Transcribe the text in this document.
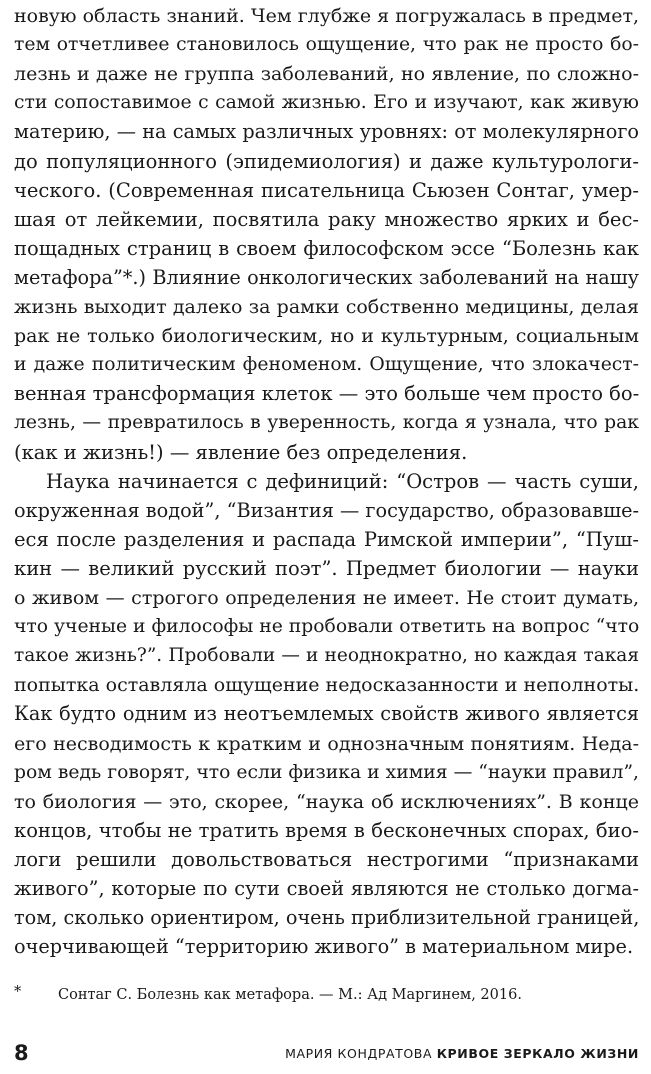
новую область знаний. Чем глубже я погружалась в предмет,
тем отчетливее становилось ощущение, что рак не просто бо-
лезнь и даже не группа заболеваний, но явление, по сложно-
сти сопоставимое с самой жизнью. Его и изучают, как живую
материю, — на самых различных уровнях: от молекулярного
до популяционного (эпидемиология) и даже культурологи-
ческого. (Современная писательница Сьюзен Сонтаг, умер-
шая от лейкемии, посвятила раку множество ярких и бес-
пощадных страниц в своем философском эссе “Болезнь как
метафора”*.) Влияние онкологических заболеваний на нашу
жизнь выходит далеко за рамки собственно медицины, делая
рак не только биологическим, но и культурным, социальным
и даже политическим феноменом. Ощущение, что злокачест-
венная трансформация клеток — это больше чем просто бо-
лезнь, — превратилось в уверенность, когда я узнала, что рак
(как и жизнь!) — явление без определения.
Наука начинается с дефиниций: “Остров — часть суши,
окруженная водой”, “Византия — государство, образовавше-
еся после разделения и распада Римской империи”, “Пуш-
кин — великий русский поэт”. Предмет биологии — науки
о живом — строгого определения не имеет. Не стоит думать,
что ученые и философы не пробовали ответить на вопрос “что
такое жизнь?”. Пробовали — и неоднократно, но каждая такая
попытка оставляла ощущение недосказанности и неполноты.
Как будто одним из неотъемлемых свойств живого является
его несводимость к кратким и однозначным понятиям. Недa-
ром ведь говорят, что если физика и химия — “науки правил”,
то биология — это, скорее, “наука об исключениях”. В конце
концов, чтобы не тратить время в бесконечных спорах, био-
логи решили довольствоваться нестрогими “признаками
живого”, которые по сути своей являются не столько догма-
том, сколько ориентиром, очень приблизительной границей,
очерчивающей “территорию живого” в материальном мире.
*	Сонтаг С. Болезнь как метафора. — М.: Ад Маргинем, 2016.
8	МАРИЯ КОНДРАТОВА КРИВОЕ ЗЕРКАЛО ЖИЗНИ
